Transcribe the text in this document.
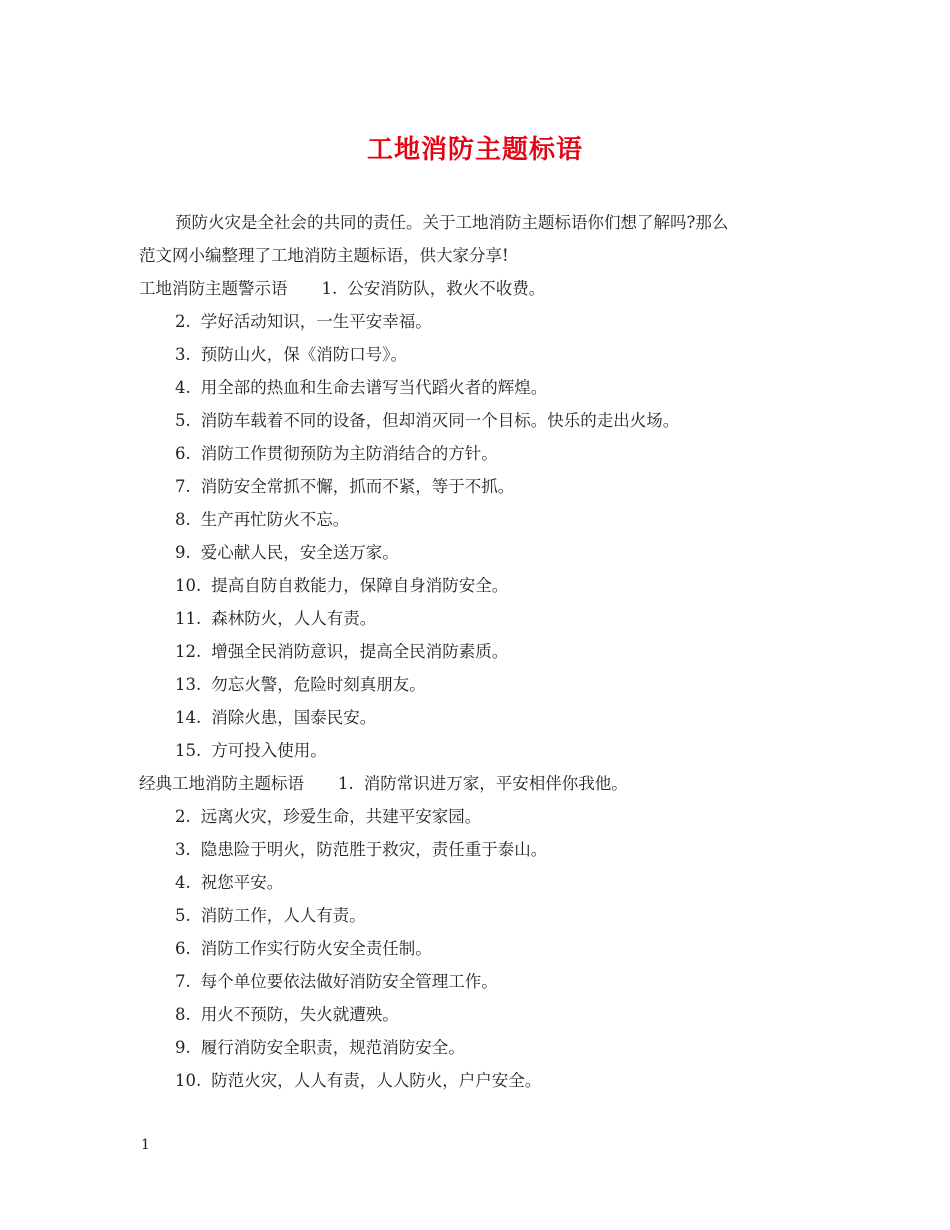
工地消防主题标语
预防火灾是全社会的共同的责任。关于工地消防主题标语你们想了解吗?那么
范文网小编整理了工地消防主题标语，供大家分享!
工地消防主题警示语 1. 公安消防队，救火不收费。
2. 学好活动知识，一生平安幸福。
3. 预防山火，保《消防口号》。
4. 用全部的热血和生命去谱写当代蹈火者的辉煌。
5. 消防车载着不同的设备，但却消灭同一个目标。快乐的走出火场。
6. 消防工作贯彻预防为主防消结合的方针。
7. 消防安全常抓不懈，抓而不紧，等于不抓。
8. 生产再忙防火不忘。
9. 爱心献人民，安全送万家。
10. 提高自防自救能力，保障自身消防安全。
11. 森林防火，人人有责。
12. 增强全民消防意识，提高全民消防素质。
13. 勿忘火警，危险时刻真朋友。
14. 消除火患，国泰民安。
15. 方可投入使用。
经典工地消防主题标语 1. 消防常识进万家，平安相伴你我他。
2. 远离火灾，珍爱生命，共建平安家园。
3. 隐患险于明火，防范胜于救灾，责任重于泰山。
4. 祝您平安。
5. 消防工作，人人有责。
6. 消防工作实行防火安全责任制。
7. 每个单位要依法做好消防安全管理工作。
8. 用火不预防，失火就遭殃。
9. 履行消防安全职责，规范消防安全。
10. 防范火灾，人人有责，人人防火，户户安全。
1
